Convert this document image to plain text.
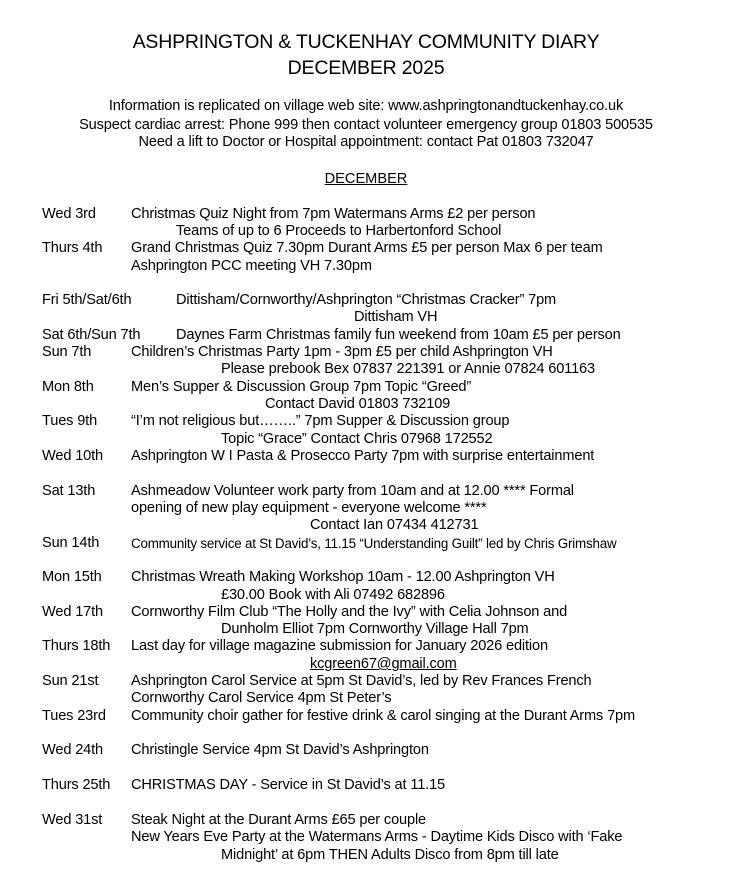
ASHPRINGTON & TUCKENHAY COMMUNITY DIARY
DECEMBER 2025
Information is replicated on village web site: www.ashpringtonandtuckenhay.co.uk
Suspect cardiac arrest: Phone 999 then contact volunteer emergency group 01803 500535
Need a lift to Doctor or Hospital appointment: contact Pat 01803 732047
DECEMBER
Wed 3rd Christmas Quiz Night from 7pm Watermans Arms £2 per person
Teams of up to 6 Proceeds to Harbertonford School
Thurs 4th Grand Christmas Quiz 7.30pm Durant Arms £5 per person Max 6 per team
Ashprington PCC meeting VH 7.30pm
Fri 5th/Sat/6th	Dittisham/Cornworthy/Ashprington “Christmas Cracker” 7pm
Dittisham VH
Sat 6th/Sun 7th Daynes Farm Christmas family fun weekend from 10am £5 per person
Sun 7th	Children’s Christmas Party 1pm - 3pm £5 per child Ashprington VH
Please prebook Bex 07837 221391 or Annie 07824 601163
Mon 8th	Men’s Supper & Discussion Group 7pm Topic “Greed”
Contact David 01803 732109
Tues 9th “I’m not religious but……..” 7pm Supper & Discussion group
Topic “Grace” Contact Chris 07968 172552
Wed 10th Ashprington W I Pasta & Prosecco Party 7pm with surprise entertainment
Sat 13th Ashmeadow Volunteer work party from 10am and at 12.00 **** Formal
opening of new play equipment - everyone welcome ****
Contact Ian 07434 412731
Sun 14th Community service at St David’s, 11.15 “Understanding Guilt” led by Chris Grimshaw
Mon 15th Christmas Wreath Making Workshop 10am - 12.00 Ashprington VH
£30.00 Book with Ali 07492 682896
Wed 17th Cornworthy Film Club “The Holly and the Ivy” with Celia Johnson and
Dunholm Elliot 7pm Cornworthy Village Hall 7pm
Thurs 18th Last day for village magazine submission for January 2026 edition
kcgreen67@gmail.com
Sun 21st Ashprington Carol Service at 5pm St David’s, led by Rev Frances French
Cornworthy Carol Service 4pm St Peter’s
Tues 23rd Community choir gather for festive drink & carol singing at the Durant Arms 7pm
Wed 24th Christingle Service 4pm St David’s Ashprington
Thurs 25th CHRISTMAS DAY - Service in St David’s at 11.15
Wed 31st Steak Night at the Durant Arms £65 per couple
New Years Eve Party at the Watermans Arms - Daytime Kids Disco with ‘Fake
Midnight’ at 6pm THEN Adults Disco from 8pm till late
